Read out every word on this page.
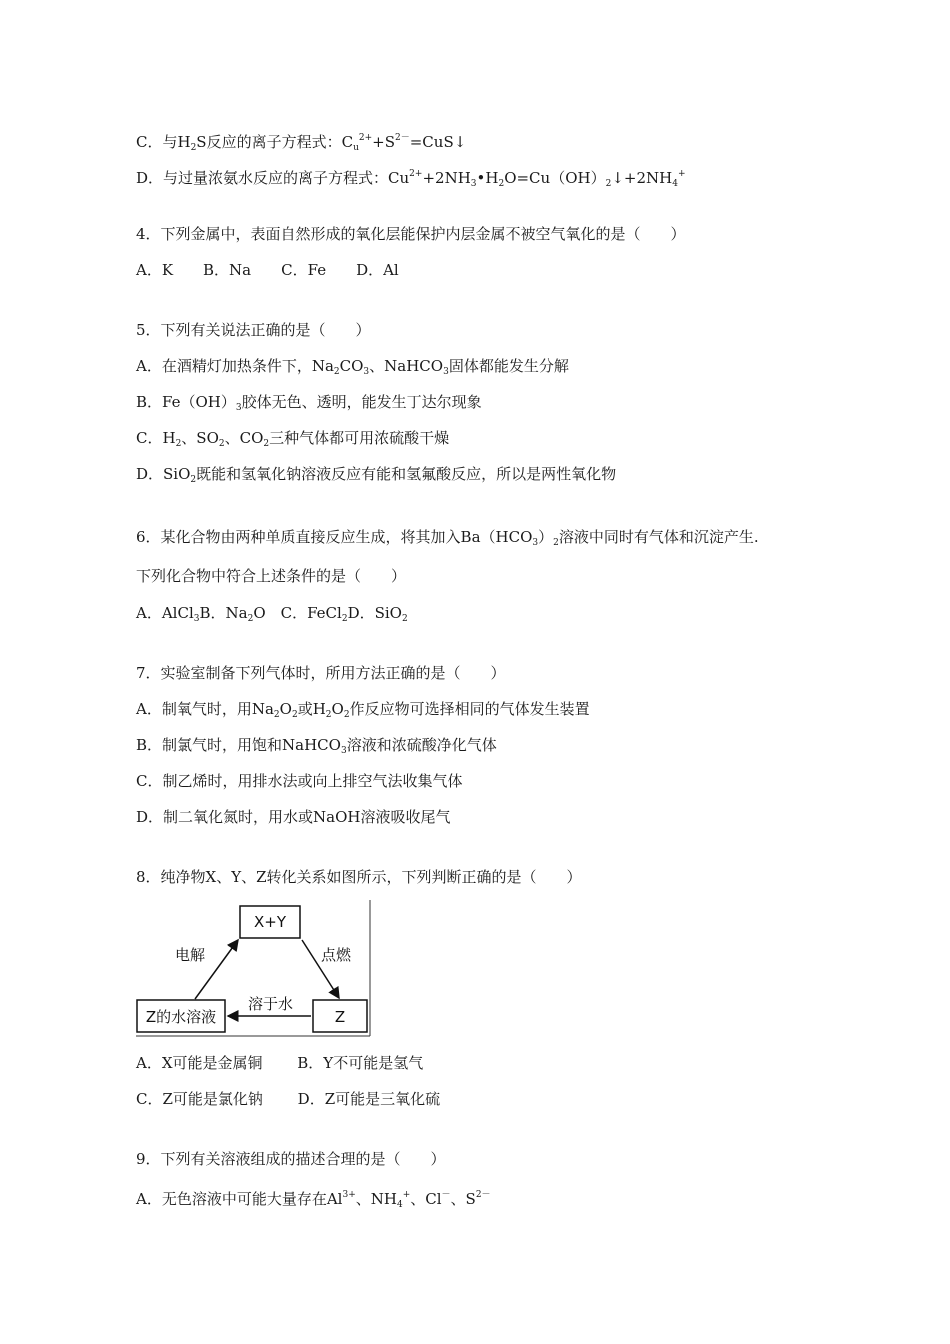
C．与$H_2S$反应的离子方程式：$C_u^{2+}+S^{2-}=CuS↓$
D．与过量浓氨水反应的离子方程式：$Cu^{2+}+2NH_3•H_2O=Cu(OH)_2↓+2NH_4^+$
4．下列金属中，表面自然形成的氧化层能保护内层金属不被空气氧化的是（　　）
A．K　　B．Na　　C．Fe　　D．Al
5．下列有关说法正确的是（　　）
A．在酒精灯加热条件下，$Na_2CO_3$、NaHCO$_3$固体都能发生分解
B．$Fe(OH)_3$胶体无色、透明，能发生丁达尔现象
C．$H_2$、$SO_2$、$CO_2$三种气体都可用浓硫酸干燥
D．SiO$_2$既能和氢氧化钠溶液反应有能和氢氟酸反应，所以是两性氧化物
6．某化合物由两种单质直接反应生成，将其加入$Ba(HCO_3)_2$溶液中同时有气体和沉淀产生.
下列化合物中符合上述条件的是（　　）
A．AlCl$_3$B．$Na_2O$　C．FeCl$_2$D．SiO$_2$
7．实验室制备下列气体时，所用方法正确的是（　　）
A．制氧气时，用$Na_2O_2$或$H_2O_2$作反应物可选择相同的气体发生装置
B．制氯气时，用饱和NaHCO$_3$溶液和浓硫酸净化气体
C．制乙烯时，用排水法或向上排空气法收集气体
D．制二氧化氮时，用水或NaOH溶液吸收尾气
8．纯净物X、Y、Z转化关系如图所示，下列判断正确的是（　　）
X+Y
Z的水溶液	Z
电解	点燃
溶于水
A．X可能是金属铜　　 B．Y不可能是氢气
C．Z可能是氯化钠　　 D．Z可能是三氧化硫
9．下列有关溶液组成的描述合理的是（　　）
A．无色溶液中可能大量存在$Al^{3+}$、$NH_4^+$、Cl－、$S^{2-}$
